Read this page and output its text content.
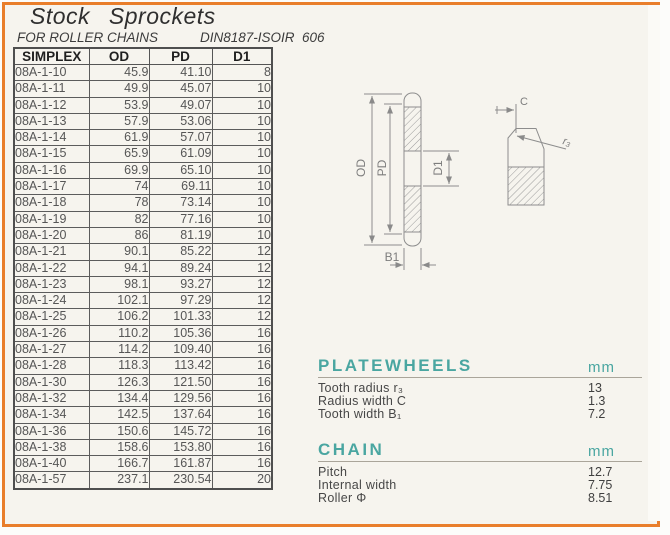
Stock Sprockets
FOR ROLLER CHAINS	DIN8187-ISOIR  606
SIMPLEX	OD	PD	D1
08A-1-10	45.9	41.10	8
08A-1-11	49.9	45.07	10
08A-1-12	53.9	49.07	10
08A-1-13	57.9	53.06	10
08A-1-14	61.9	57.07	10
08A-1-15	65.9	61.09	10
08A-1-16	69.9	65.10	10
08A-1-17	74	69.11	10
08A-1-18	78	73.14	10
08A-1-19	82	77.16	10
08A-1-20	86	81.19	10
08A-1-21	90.1	85.22	12
08A-1-22	94.1	89.24	12
08A-1-23	98.1	93.27	12
08A-1-24	102.1	97.29	12
08A-1-25	106.2	101.33	12
08A-1-26	110.2	105.36	16
08A-1-27	114.2	109.40	16
08A-1-28	118.3	113.42	16
08A-1-30	126.3	121.50	16
08A-1-32	134.4	129.56	16
08A-1-34	142.5	137.64	16
08A-1-36	150.6	145.72	16
08A-1-38	158.6	153.80	16
08A-1-40	166.7	161.87	16
08A-1-57	237.1	230.54	20
OD PD	D1
B1
C
r₃
PLATEWHEELS	mm
Tooth radius r₃	13
Radius width C	1.3
Tooth width B₁	7.2
CHAIN	mm
Pitch	12.7
Internal width	7.75
Roller Φ	8.51
